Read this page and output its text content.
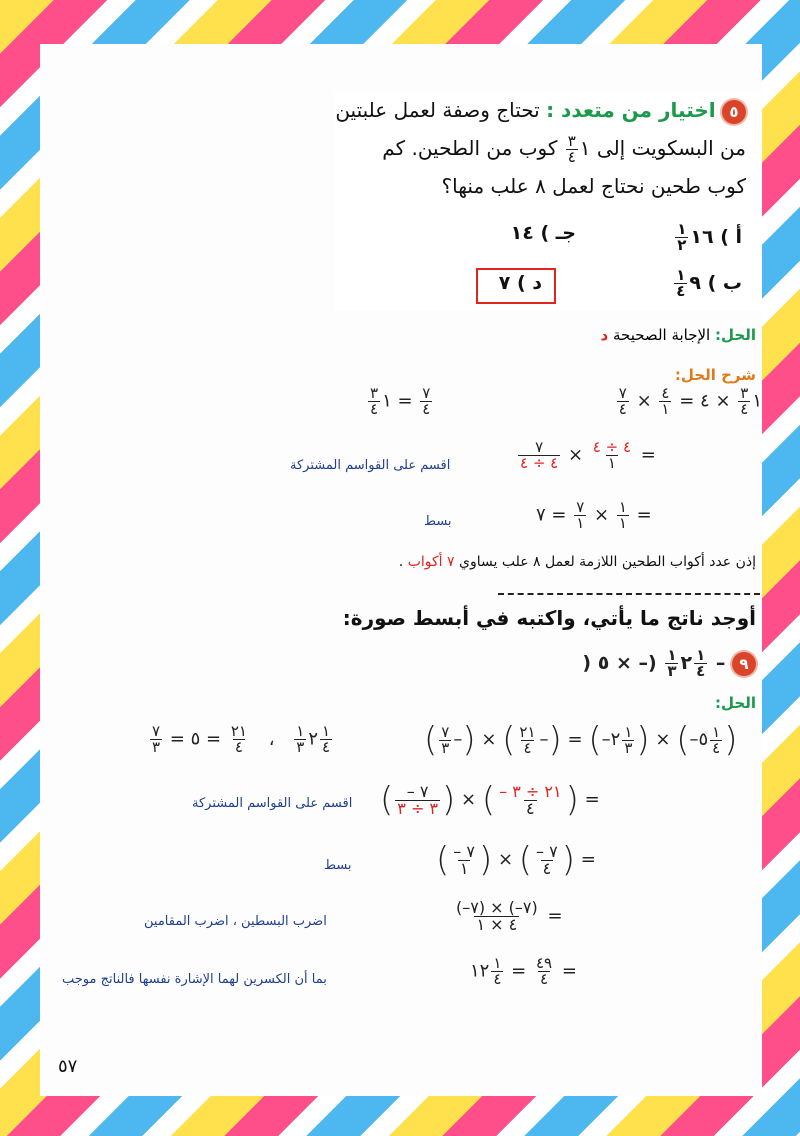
٥ اختيار من متعدد : تحتاج وصفة لعمل علبتين
من البسكويت إلى ١
$\frac{٣}{٤}$
كوب من الطحين. كم
كوب طحين نحتاج لعمل ٨ علب منها؟
أ ) ١٦
$\frac{١}{٢}$
جـ ) ١٤
ب ) ٩
$\frac{١}{٤}$
د ) ٧
الحل: الإجابة الصحيحة د
شرح الحل:
$\frac{٧}{٤}$
= ١
$\frac{٣}{٤}$	$\frac{٧}{٤} \times \frac{٤}{١}$ =	١
$\frac{٣}{٤}$
× ٤
$\frac{٧}{٤ \div ٤} \times \frac{٤ \div ٤}{١}$ =
اقسم على القواسم المشتركة
٧ = $\frac{٧}{١} \times \frac{١}{١}$ =
بسط
إذن عدد أكواب الطحين اللازمة لعمل ٨ علب يساوي ٧ أكواب .
أوجد ناتج ما يأتي، واكتبه في أبسط صورة:
)	٢
$\frac{١}{٣}$
(– × ٥	$\frac{١}{٤}$ – ٩
الحل:
$\frac{٧}{٣}$ =	٢
$\frac{١}{٣}$
،
$\frac{٢١}{٤}$
= ٥	$\frac{١}{٤}$	( $\frac{٧}{٣}$ –) × ( $\frac{٢١}{٤}$ –) = (–٢ $\frac{١}{٣}$ ) × (–٥ $\frac{١}{٤}$ )
( $\frac{- ٧}{٣ \div ٣}$ ) × ( $\frac{- ٢١ \div ٣}{٤}$ ) =
اقسم على القواسم المشتركة
( $\frac{- ٧}{١}$ ) × ( $\frac{- ٧}{٤}$ ) =
بسط
$\frac{(-٧) \times (-٧)}{٤ \times ١}$ =
اضرب البسطين ، اضرب المقامين
١٢ $\frac{١}{٤} = \frac{٤٩}{٤}$ =
بما أن الكسرين لهما الإشارة نفسها فالناتج موجب
٥٧
